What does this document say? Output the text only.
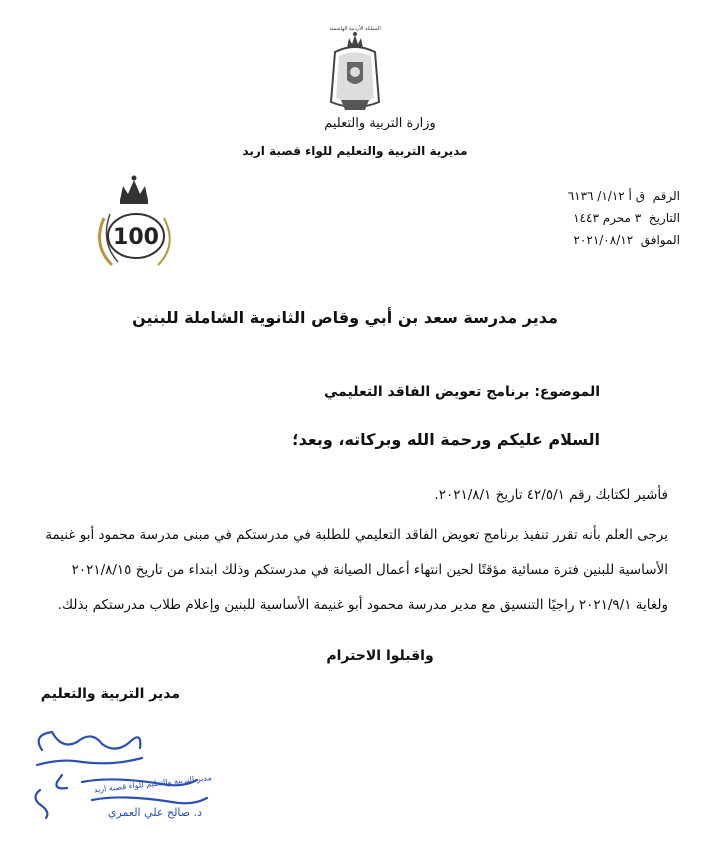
المملكة الأردنية الهاشمية
وزارة التربية والتعليم
مديرية التربية والتعليم للواء قصبة اربد
100
الرقم  ق أ ١/١٢/ ٦١٣٦
التاريخ  ٣ محرم ١٤٤٣
الموافق  ٢٠٢١/٠٨/١٢
مدير مدرسة سعد بن أبي وقاص الثانوية الشاملة للبنين
الموضوع: برنامج تعويض الفاقد التعليمي
السلام عليكم ورحمة الله وبركاته، وبعد؛
فأشير لكتابك رقم ٤٢/٥/١ تاريخ ٢٠٢١/٨/١.
يرجى العلم بأنه تقرر تنفيذ برنامج تعويض الفاقد التعليمي للطلبة في مدرستكم في مبنى مدرسة محمود أبو غنيمة
الأساسية للبنين فترة مسائية مؤقتًا لحين انتهاء أعمال الصيانة في مدرستكم وذلك ابتداء من تاريخ ٢٠٢١/٨/١٥
ولغاية ٢٠٢١/٩/١ راجيًا التنسيق مع مدير مدرسة محمود أبو غنيمة الأساسية للبنين وإعلام طلاب مدرستكم بذلك.
واقبلوا الاحترام
مدير التربية والتعليم
مدير التربية والتعليم للواء قصبة اربد
د. صالح علي العمري
